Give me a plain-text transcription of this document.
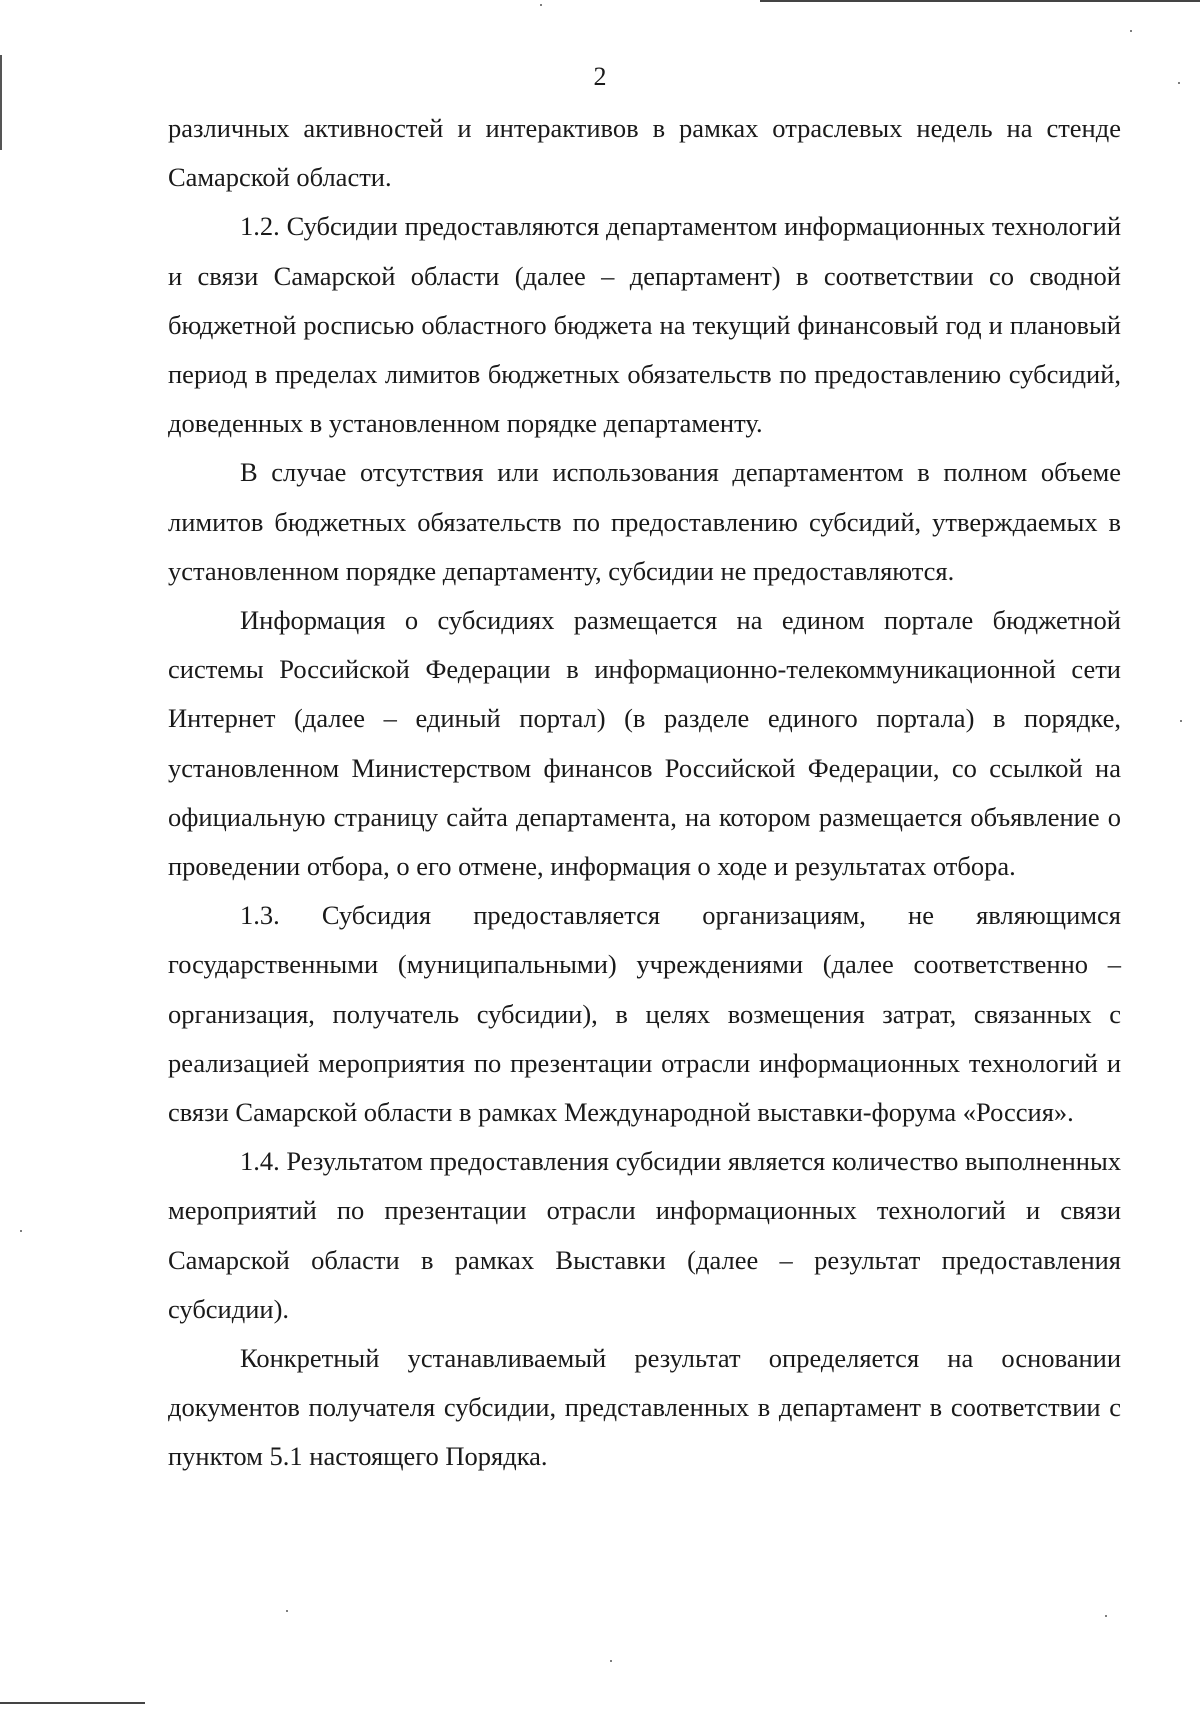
2

различных активностей и интерактивов в рамках отраслевых недель на стенде Самарской области.

1.2. Субсидии предоставляются департаментом информационных технологий и связи Самарской области (далее – департамент) в соответствии со сводной бюджетной росписью областного бюджета на текущий финансовый год и плановый период в пределах лимитов бюджетных обязательств по предоставлению субсидий, доведенных в установленном порядке департаменту.

В случае отсутствия или использования департаментом в полном объеме лимитов бюджетных обязательств по предоставлению субсидий, утверждаемых в установленном порядке департаменту, субсидии не предоставляются.

Информация о субсидиях размещается на едином портале бюджетной системы Российской Федерации в информационно-телекоммуникационной сети Интернет (далее – единый портал) (в разделе единого портала) в порядке, установленном Министерством финансов Российской Федерации, со ссылкой на официальную страницу сайта департамента, на котором размещается объявление о проведении отбора, о его отмене, информация о ходе и результатах отбора.

1.3. Субсидия предоставляется организациям, не являющимся государственными (муниципальными) учреждениями (далее соответственно – организация, получатель субсидии), в целях возмещения затрат, связанных с реализацией мероприятия по презентации отрасли информационных технологий и связи Самарской области в рамках Международной выставки-форума «Россия».

1.4. Результатом предоставления субсидии является количество выполненных мероприятий по презентации отрасли информационных технологий и связи Самарской области в рамках Выставки (далее – результат предоставления субсидии).

Конкретный устанавливаемый результат определяется на основании документов получателя субсидии, представленных в департамент в соответствии с пунктом 5.1 настоящего Порядка.
